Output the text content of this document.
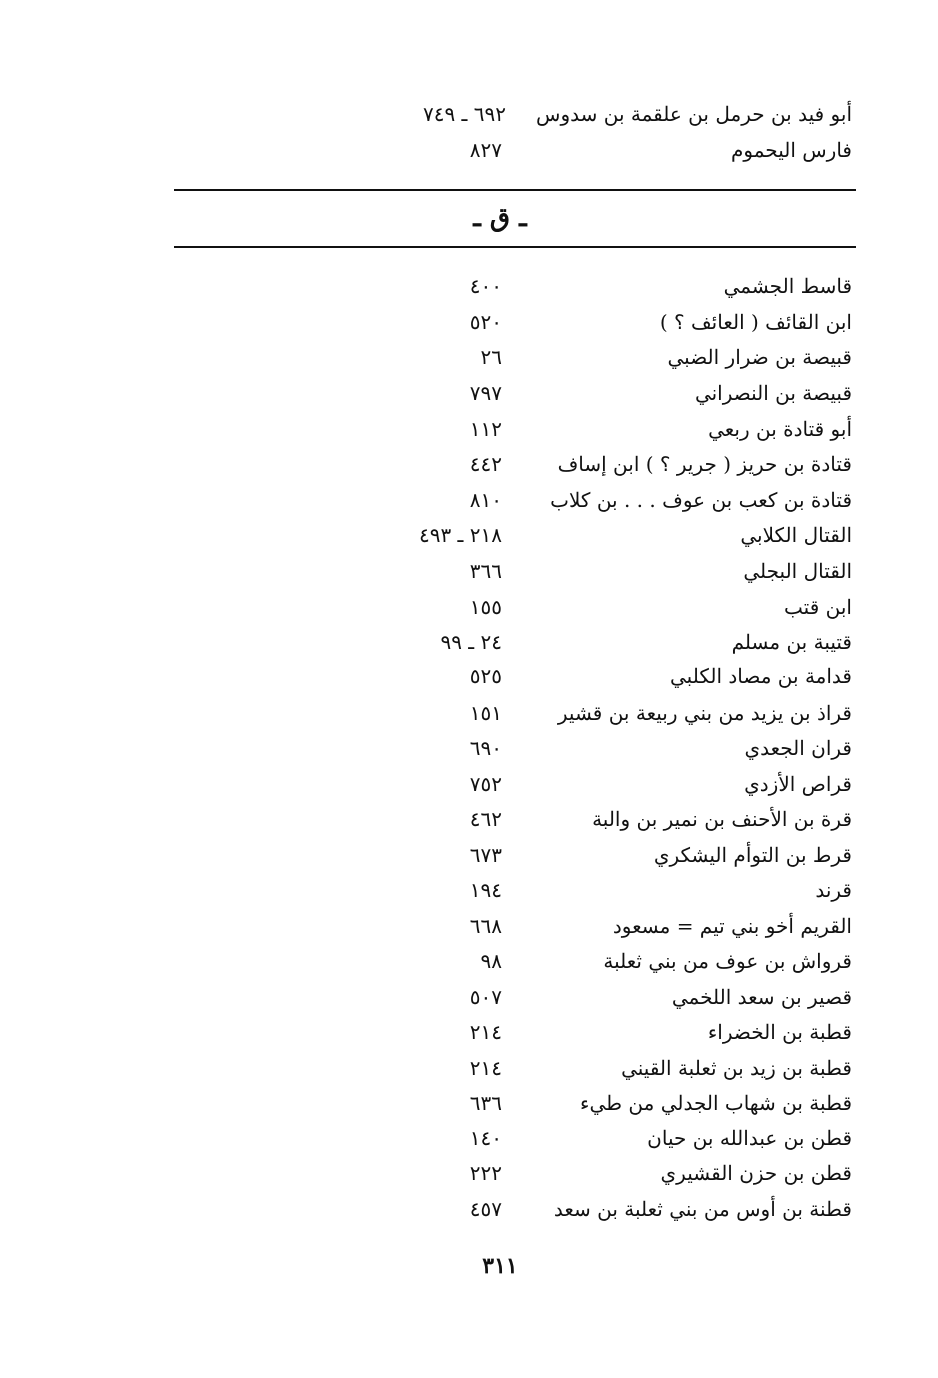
أبو فيد بن حرمل بن علقمة بن سدوس
٦٩٢ ـ ٧٤٩
فارس اليحموم
٨٢٧
ـ ق ـ
قاسط الجشمي
٤٠٠
ابن القائف ( العائف ؟ )
٥٢٠
قبيصة بن ضرار الضبي
٢٦
قبيصة بن النصراني
٧٩٧
أبو قتادة بن ربعي
١١٢
قتادة بن حريز ( جرير ؟ ) ابن إساف
٤٤٢
قتادة بن كعب بن عوف . . . بن كلاب
٨١٠
القتال الكلابي
٢١٨ ـ ٤٩٣
القتال البجلي
٣٦٦
ابن قتب
١٥٥
قتيبة بن مسلم
٢٤ ـ ٩٩
قدامة بن مصاد الكلبي
٥٢٥
قراذ بن يزيد من بني ربيعة بن قشير
١٥١
قران الجعدي
٦٩٠
قراص الأزدي
٧٥٢
قرة بن الأحنف بن نمير بن والبة
٤٦٢
قرط بن التوأم اليشكري
٦٧٣
قرند
١٩٤
القريم أخو بني تيم = مسعود
٦٦٨
قرواش بن عوف من بني ثعلبة
٩٨
قصير بن سعد اللخمي
٥٠٧
قطبة بن الخضراء
٢١٤
قطبة بن زيد بن ثعلبة القيني
٢١٤
قطبة بن شهاب الجدلي من طيء
٦٣٦
قطن بن عبدالله بن حيان
١٤٠
قطن بن حزن القشيري
٢٢٢
قطنة بن أوس من بني ثعلبة بن سعد
٤٥٧
٣١١
